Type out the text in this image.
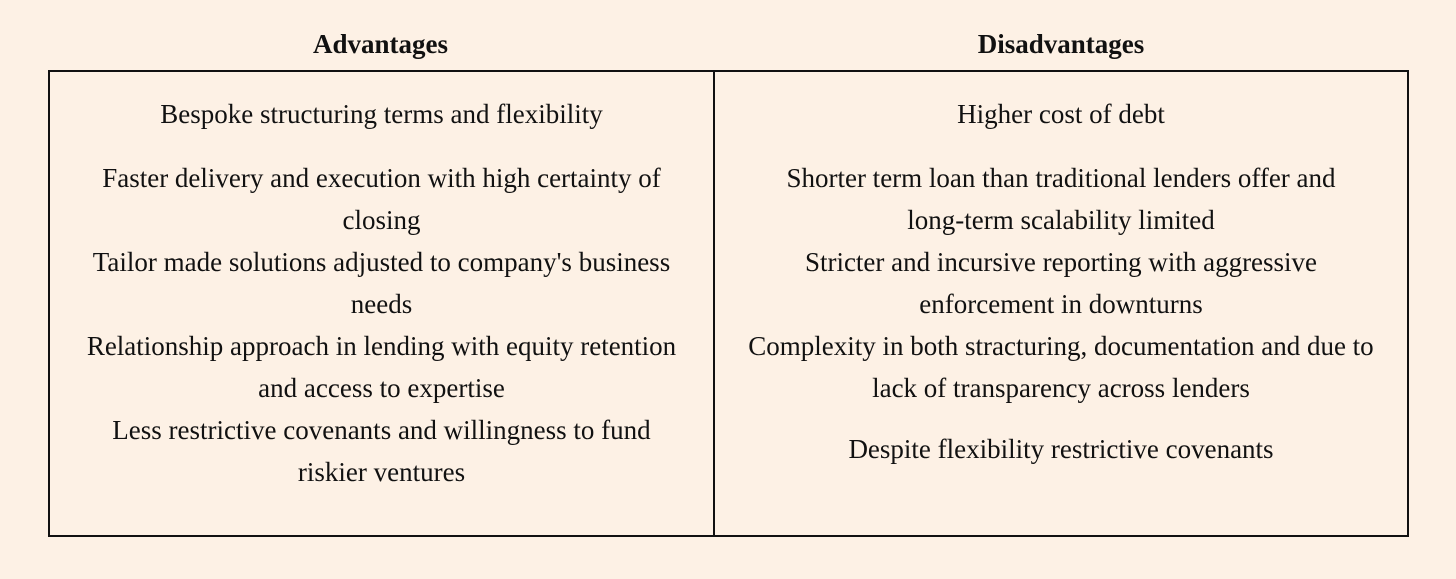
Advantages	Disadvantages
Bespoke structuring terms and flexibility
Faster delivery and execution with high certainty of
closing
Tailor made solutions adjusted to company's business
needs
Relationship approach in lending with equity retention
and access to expertise
Less restrictive covenants and willingness to fund
riskier ventures
Higher cost of debt
Shorter term loan than traditional lenders offer and
long-term scalability limited
Stricter and incursive reporting with aggressive
enforcement in downturns
Complexity in both stracturing, documentation and due to
lack of transparency across lenders
Despite flexibility restrictive covenants
